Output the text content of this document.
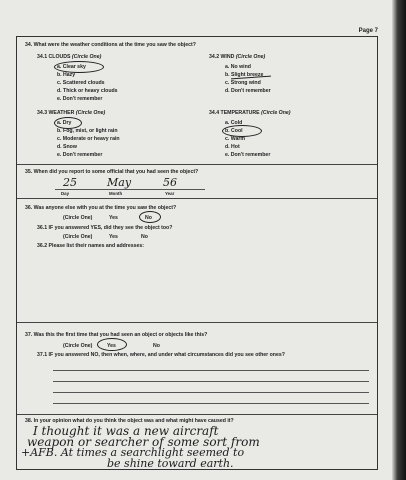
Page 7
34. What were the weather conditions at the time you saw the object?
34.1 CLOUDS (Circle One)
a. Clear sky
b. Hazy
c. Scattered clouds
d. Thick or heavy clouds
e. Don't remember
34.2 WIND (Circle One)
a. No wind
b. Slight breeze
c. Strong wind
d. Don't remember
34.3 WEATHER (Circle One)
a. Dry
b. Fog, mist, or light rain
c. Moderate or heavy rain
d. Snow
e. Don't remember
34.4 TEMPERATURE (Circle One)
a. Cold
b. Cool
c. Warm
d. Hot
e. Don't remember
35. When did you report to some official that you had seen the object?
25	May	56
Day	Month	Year
36. Was anyone else with you at the time you saw the object?
(Circle One)	Yes	No
36.1 IF you answered YES, did they see the object too?
(Circle One)	Yes	No
36.2 Please list their names and addresses:
37. Was this the first time that you had seen an object or objects like this?
(Circle One)	Yes	No
37.1 IF you answered NO, then when, where, and under what circumstances did you see other ones?
38. In your opinion what do you think the object was and what might have caused it?
I thought it was a new aircraft
weapon or searcher of some sort from
+AFB. At times a searchlight seemed to
be shine toward earth.
